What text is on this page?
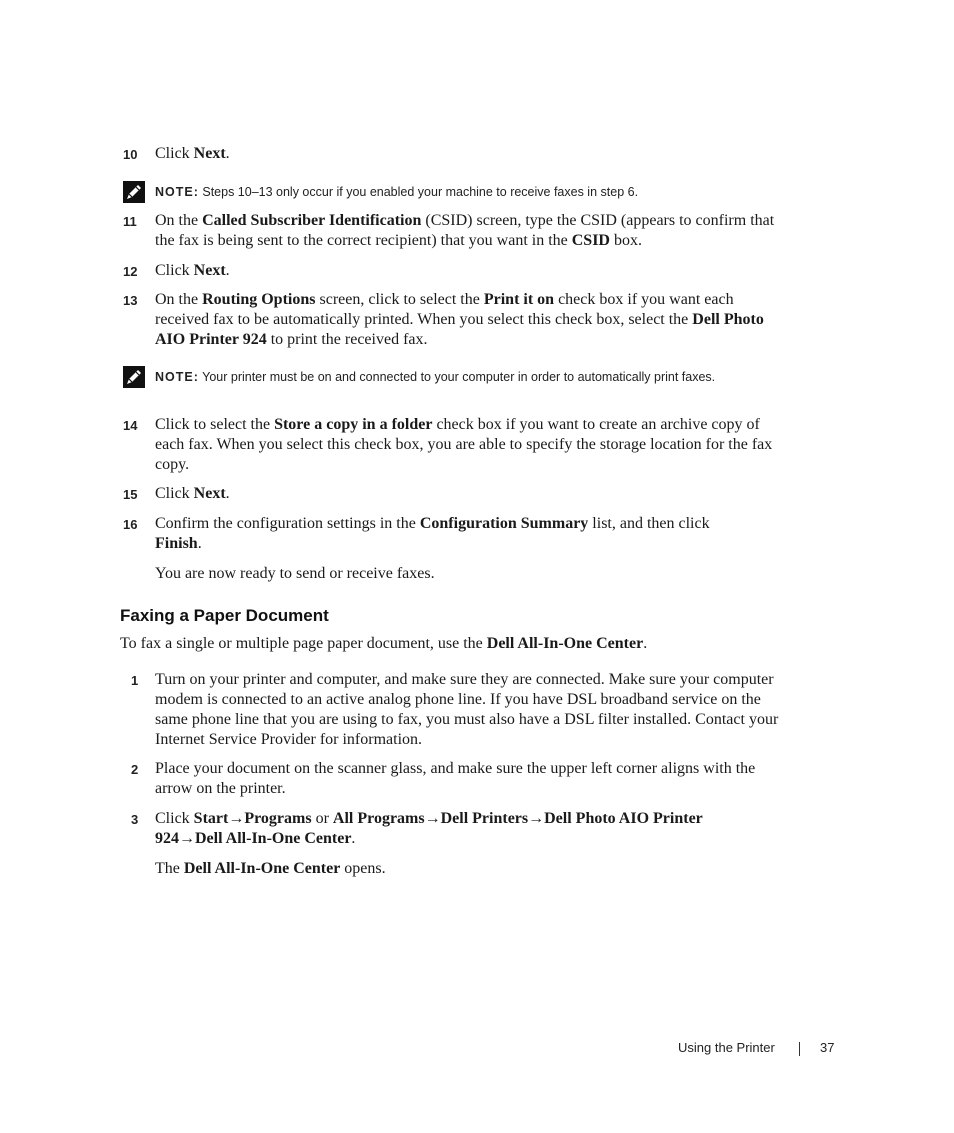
10 Click Next.
NOTE: Steps 10–13 only occur if you enabled your machine to receive faxes in step 6.
11 On the Called Subscriber Identification (CSID) screen, type the CSID (appears to confirm that the fax is being sent to the correct recipient) that you want in the CSID box.
12 Click Next.
13 On the Routing Options screen, click to select the Print it on check box if you want each received fax to be automatically printed. When you select this check box, select the Dell Photo AIO Printer 924 to print the received fax.
NOTE: Your printer must be on and connected to your computer in order to automatically print faxes.
14 Click to select the Store a copy in a folder check box if you want to create an archive copy of each fax. When you select this check box, you are able to specify the storage location for the fax copy.
15 Click Next.
16 Confirm the configuration settings in the Configuration Summary list, and then click Finish.
You are now ready to send or receive faxes.
Faxing a Paper Document
To fax a single or multiple page paper document, use the Dell All-In-One Center.
1 Turn on your printer and computer, and make sure they are connected. Make sure your computer modem is connected to an active analog phone line. If you have DSL broadband service on the same phone line that you are using to fax, you must also have a DSL filter installed. Contact your Internet Service Provider for information.
2 Place your document on the scanner glass, and make sure the upper left corner aligns with the arrow on the printer.
3 Click Start→Programs or All Programs→Dell Printers→Dell Photo AIO Printer 924→Dell All-In-One Center.
The Dell All-In-One Center opens.
Using the Printer	37
